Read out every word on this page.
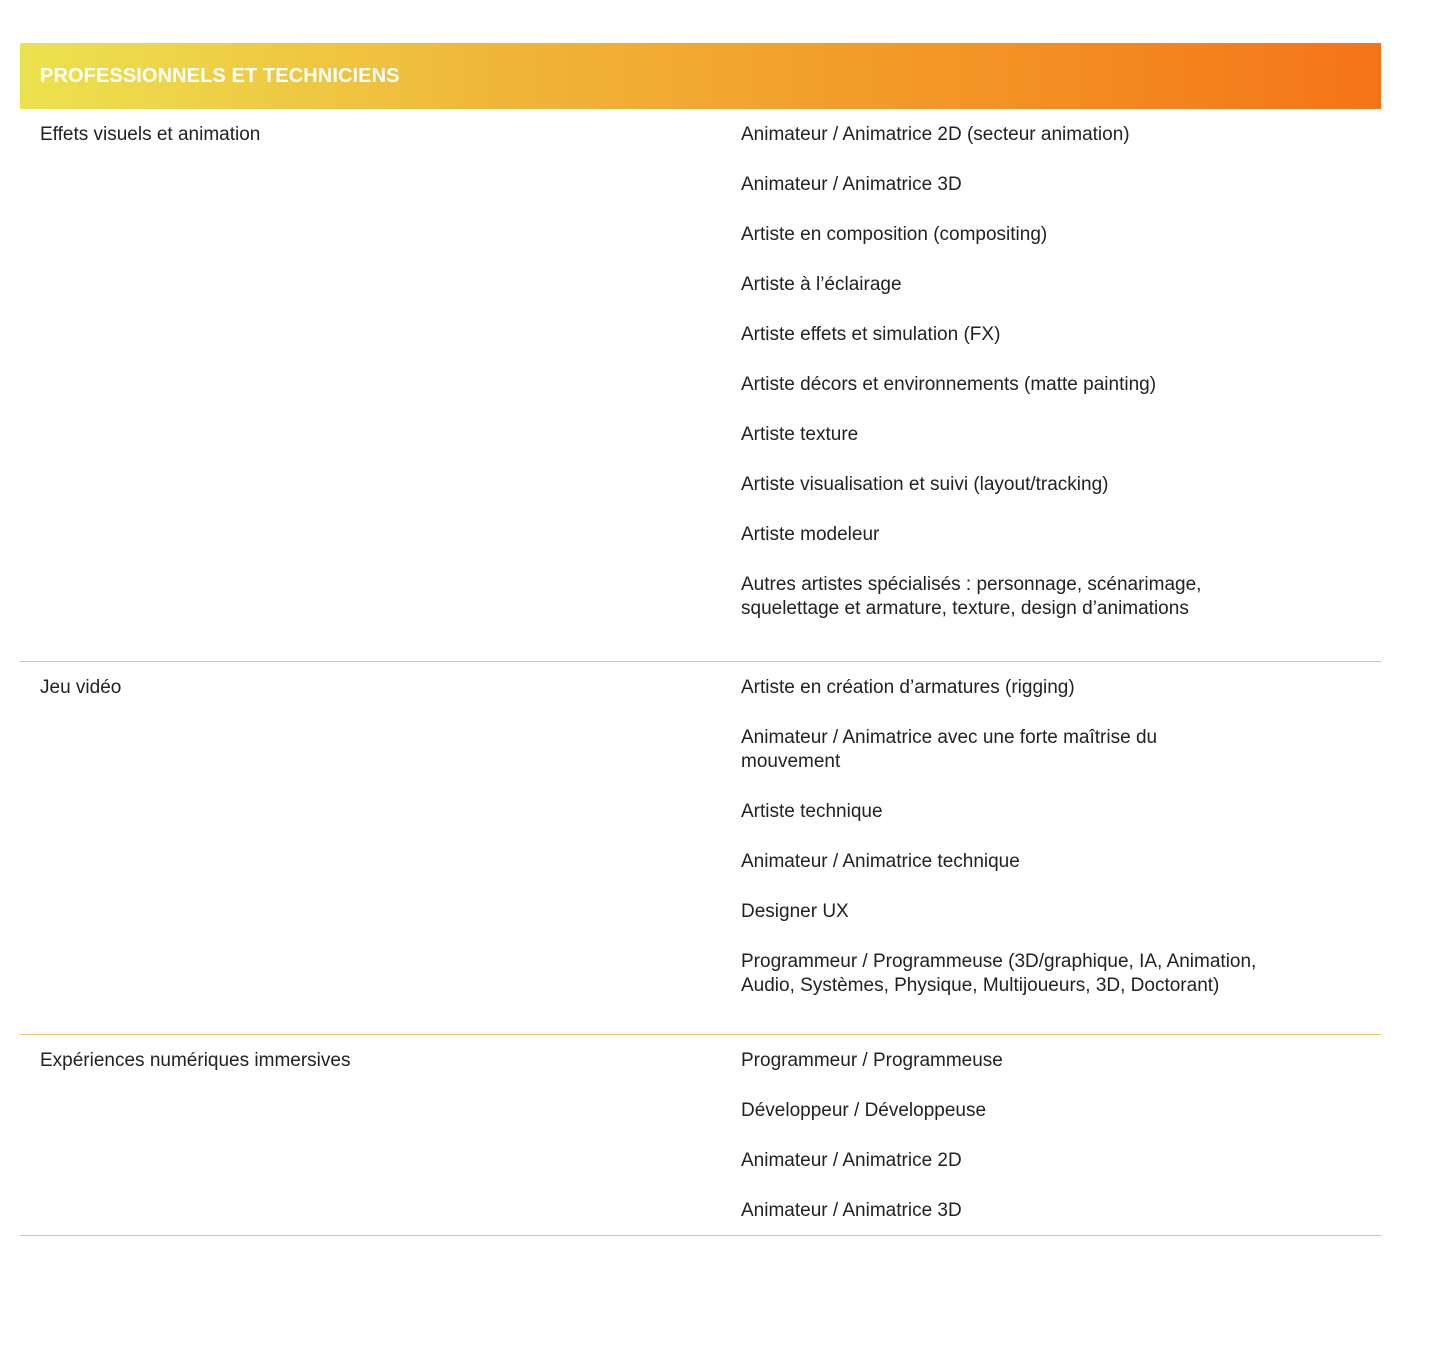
PROFESSIONNELS ET TECHNICIENS
Effets visuels et animation	Animateur / Animatrice 2D (secteur animation)
Animateur / Animatrice 3D
Artiste en composition (compositing)
Artiste à l’éclairage
Artiste effets et simulation (FX)
Artiste décors et environnements (matte painting)
Artiste texture
Artiste visualisation et suivi (layout/tracking)
Artiste modeleur
Autres artistes spécialisés : personnage, scénarimage, squelettage et armature, texture, design d’animations
Jeu vidéo	Artiste en création d’armatures (rigging)
Animateur / Animatrice avec une forte maîtrise du mouvement
Artiste technique
Animateur / Animatrice technique
Designer UX
Programmeur / Programmeuse (3D/graphique, IA, Animation, Audio, Systèmes, Physique, Multijoueurs, 3D, Doctorant)
Expériences numériques immersives	Programmeur / Programmeuse
Développeur / Développeuse
Animateur / Animatrice 2D
Animateur / Animatrice 3D
